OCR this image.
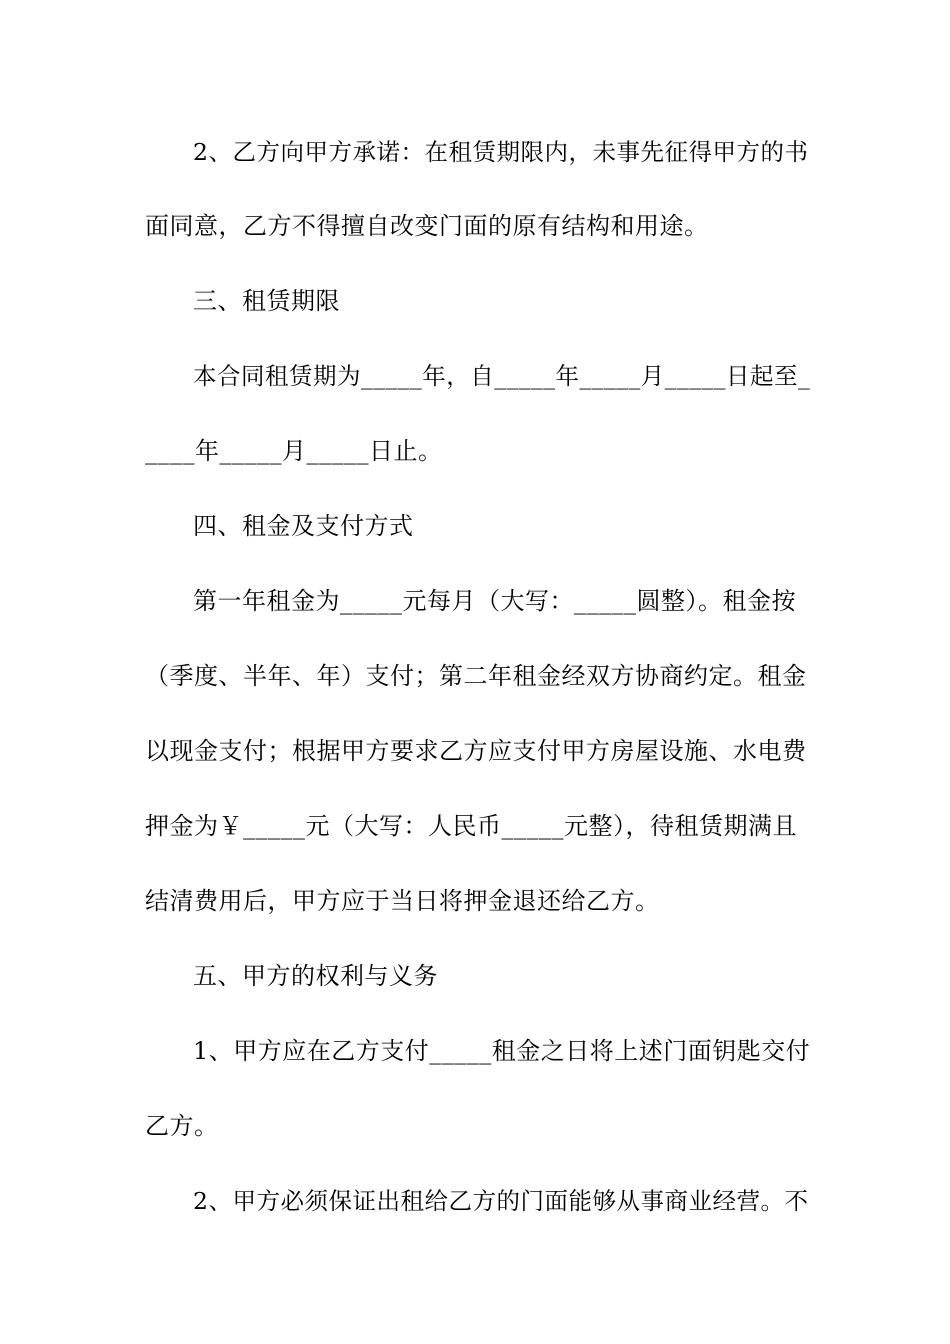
2、乙方向甲方承诺：在租赁期限内，未事先征得甲方的书
面同意，乙方不得擅自改变门面的原有结构和用途。
三、租赁期限
本合同租赁期为_____年，自_____年_____月_____日起至_
____年_____月_____日止。
四、租金及支付方式
第一年租金为_____元每月（大写：_____圆整）。租金按
（季度、半年、年）支付；第二年租金经双方协商约定。租金
以现金支付；根据甲方要求乙方应支付甲方房屋设施、水电费
押金为￥_____元（大写：人民币_____元整），待租赁期满且
结清费用后，甲方应于当日将押金退还给乙方。
五、甲方的权利与义务
1、甲方应在乙方支付_____租金之日将上述门面钥匙交付
乙方。
2、甲方必须保证出租给乙方的门面能够从事商业经营。不
